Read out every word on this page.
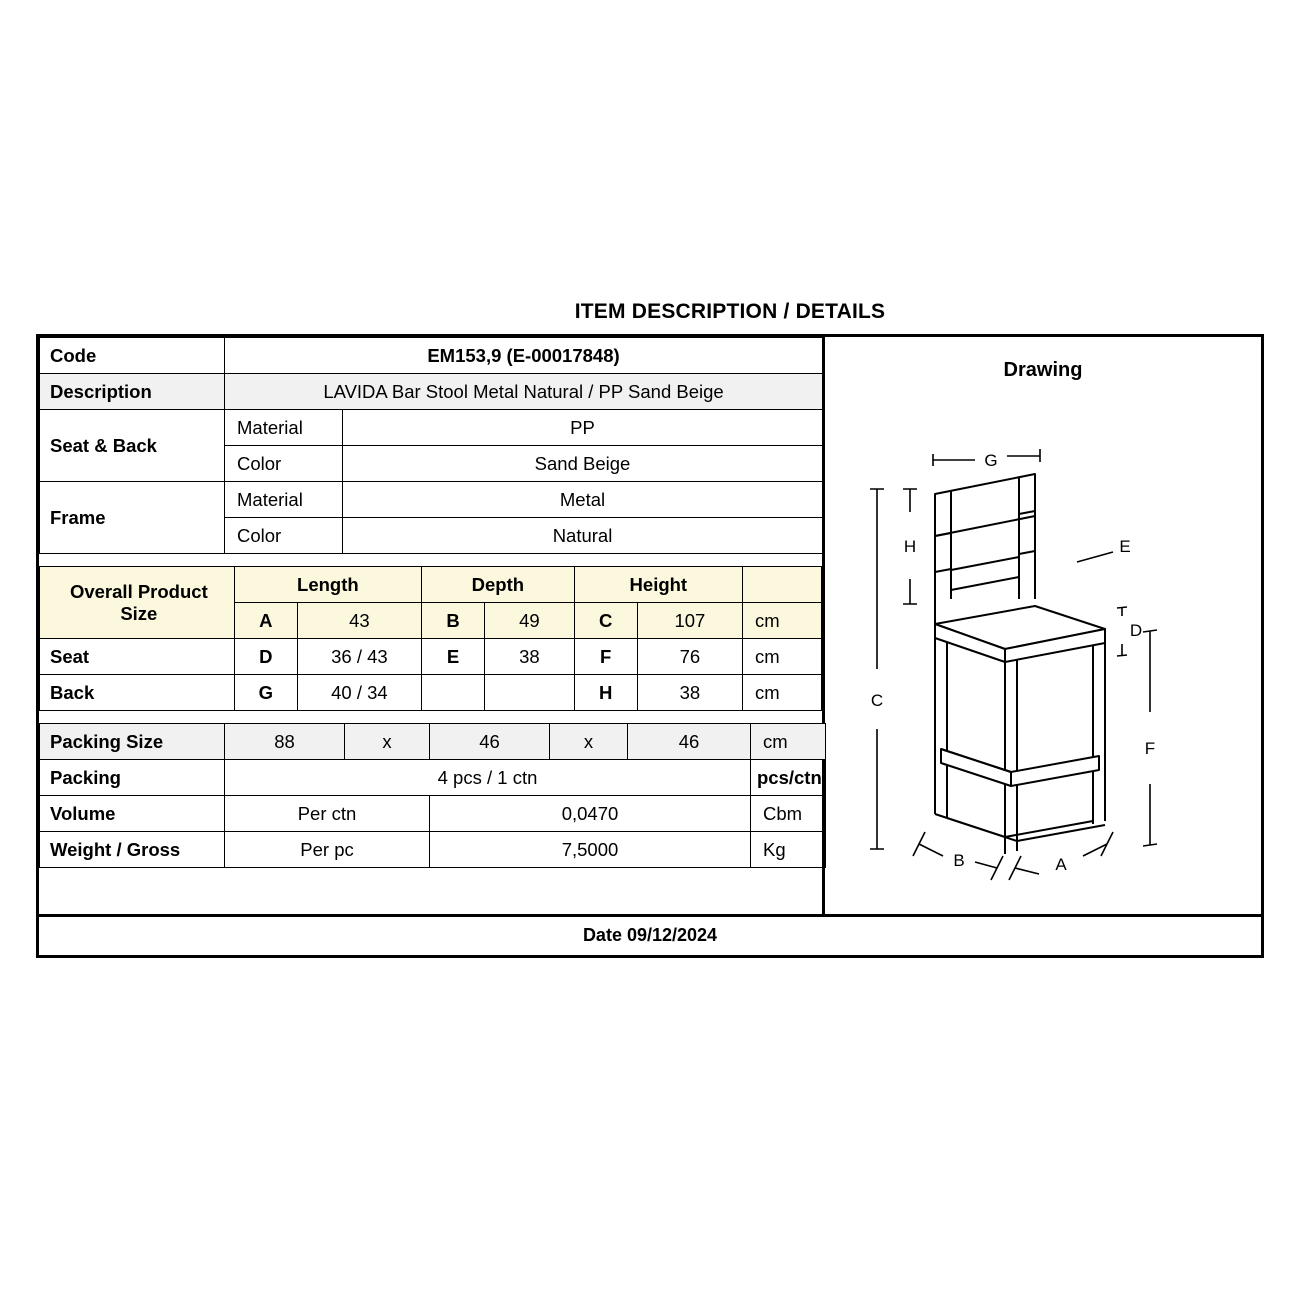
ITEM DESCRIPTION / DETAILS
Code	EM153,9 (E-00017848)	
Description	LAVIDA Bar Stool Metal Natural / PP Sand Beige	
Seat & Back	Material	PP
	Color	Sand Beige
Frame	Material	Metal
	Color	Natural
Overall Product Size	Length		Depth		Height		
	A	43	B	49	C	107	cm
Seat	D	36 / 43	E	38	F	76	cm
Back	G	40 / 34			H	38	cm
Packing Size	88	x	46	x	46	cm
Packing	4 pcs / 1 ctn					pcs/ctn
Volume	Per ctn		0,0470			Cbm
Weight / Gross	Per pc		7,5000			Kg
Drawing
G
H	E
D
C
F
B	A
Date 09/12/2024
